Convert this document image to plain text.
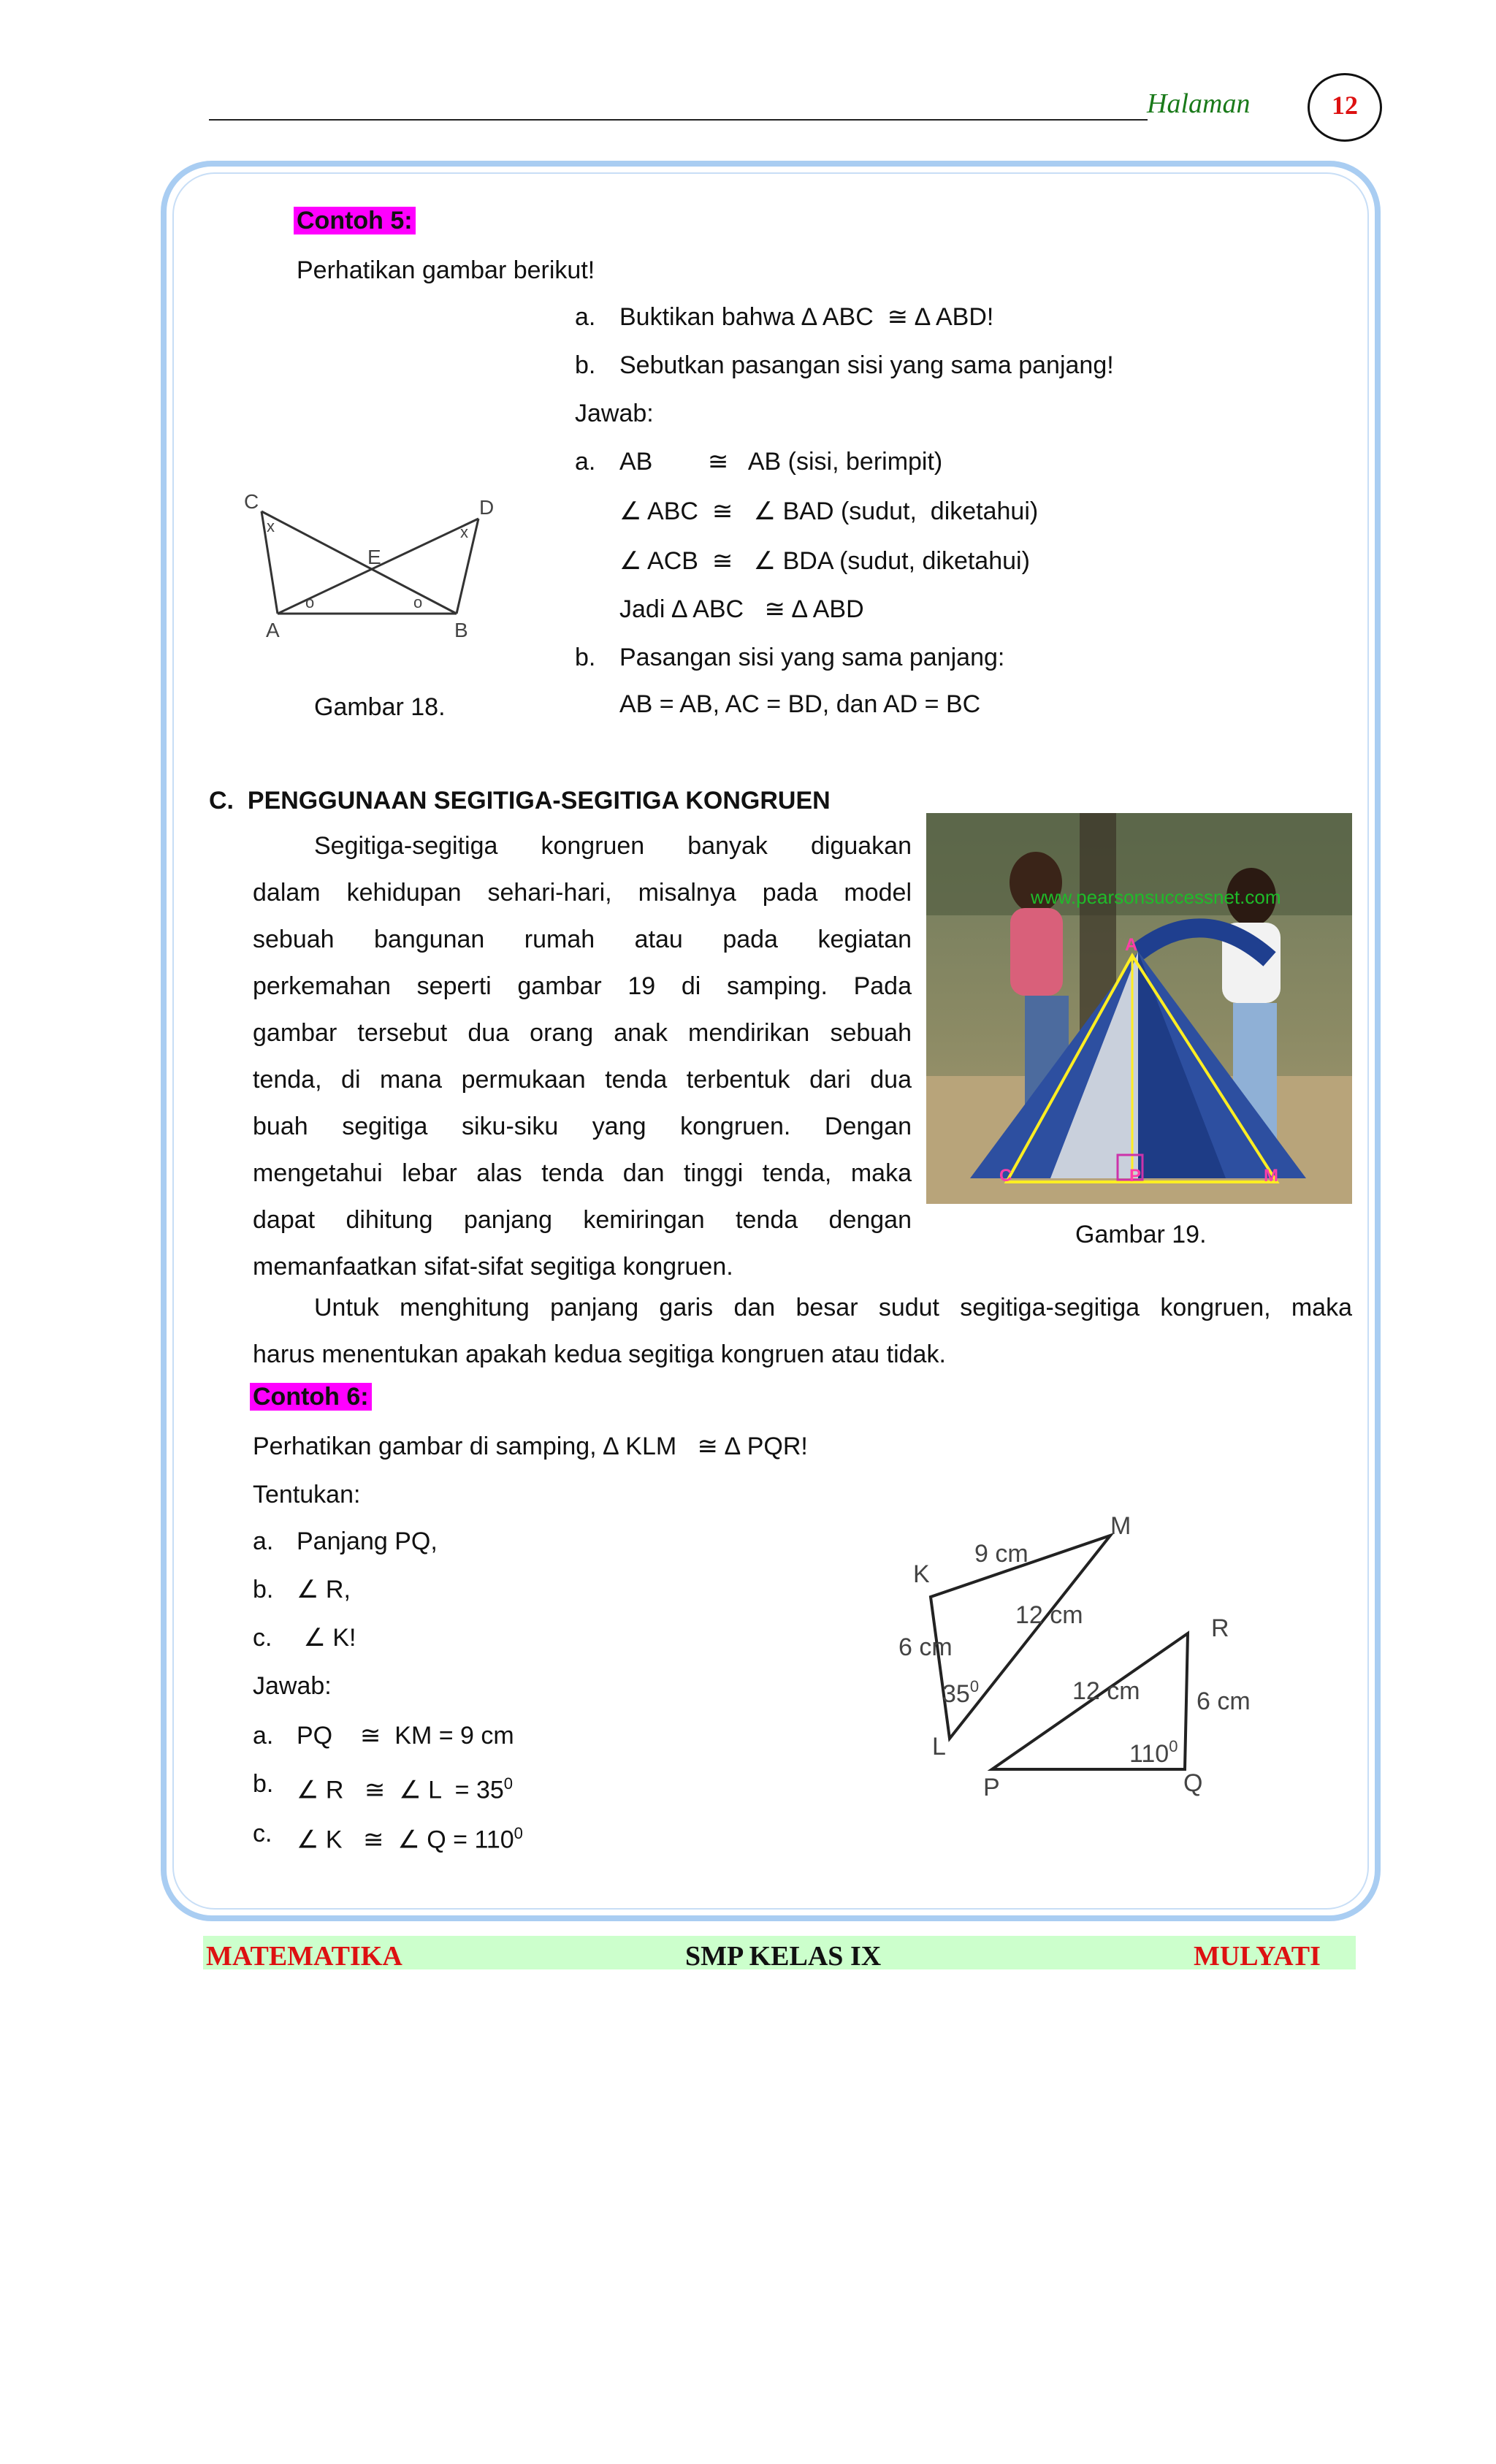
Halaman	12
Contoh 5:
Perhatikan gambar berikut!
a. Buktikan bahwa ∆ ABC  ≅ ∆ ABD!
b. Sebutkan pasangan sisi yang sama panjang!
Jawab:
a. AB        ≅   AB (sisi, berimpit)
∠ ABC  ≅   ∠ BAD (sudut,  diketahui)
∠ ACB  ≅   ∠ BDA (sudut, diketahui)
Jadi ∆ ABC   ≅ ∆ ABD
b. Pasangan sisi yang sama panjang:
AB = AB, AC = BD, dan AD = BC
C	D
E
A	B
x	x
o	o
Gambar 18.
C.  PENGGUNAAN SEGITIGA-SEGITIGA KONGRUEN
Segitiga-segitiga kongruen banyak diguakan
dalam kehidupan sehari-hari, misalnya pada model
sebuah bangunan rumah atau pada kegiatan
perkemahan seperti gambar 19 di samping. Pada
gambar tersebut dua orang anak mendirikan sebuah
tenda, di mana permukaan tenda terbentuk dari dua
buah segitiga siku-siku yang kongruen. Dengan
mengetahui lebar alas tenda dan tinggi tenda, maka
dapat dihitung panjang kemiringan tenda dengan
memanfaatkan sifat-sifat segitiga kongruen.
A
C	P	M
www.pearsonsuccessnet.com
Gambar 19.
Untuk menghitung panjang garis dan besar sudut segitiga-segitiga kongruen, maka
harus menentukan apakah kedua segitiga kongruen atau tidak.
Contoh 6:
Perhatikan gambar di samping, ∆ KLM   ≅ ∆ PQR!
Tentukan:
a. Panjang PQ,
b. ∠ R,
c. ∠ K!
Jawab:
a. PQ    ≅  KM = 9 cm
b. ∠ R   ≅  ∠ $L = 35^0$
c. ∠ K   ≅  ∠ $Q = 110^0$
K
L
M
P	Q
R
9 cm
6 cm
12 cm
12 cm 6 cm
$35^0$
$110^0$
MATEMATIKA	SMP KELAS IX	MULYATI
